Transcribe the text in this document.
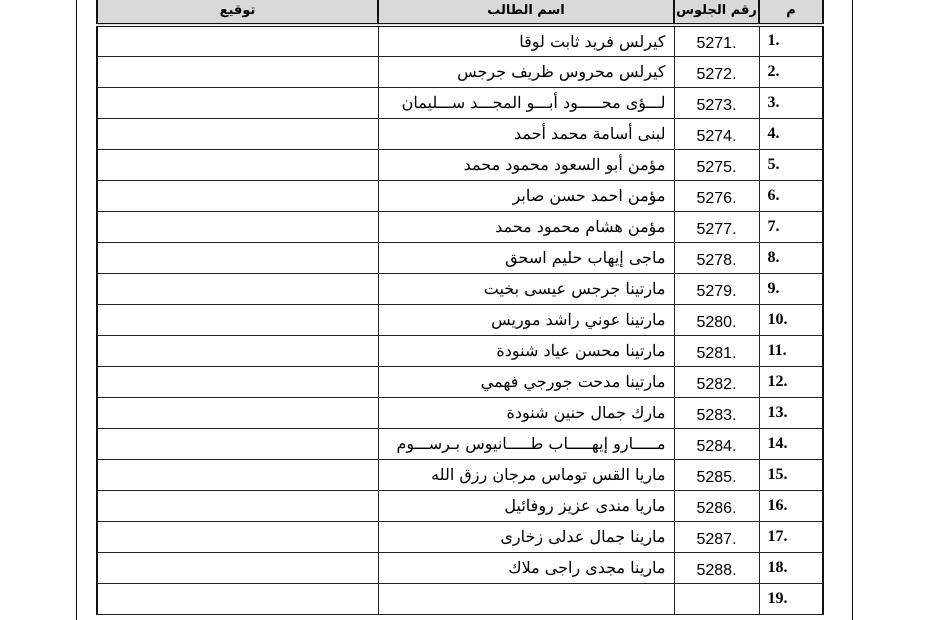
م	رقم الجلوس	اسم الطالب	توقيع
1.	5271.	كيرلس فريد ثابت لوقا	
2.	5272.	كيرلس محروس ظريف جرجس	
3.	5273.	لـــؤى محـــــود أبـــو المجـــد ســـليمان	
4.	5274.	لبنى أسامة محمد أحمد	
5.	5275.	مؤمن أبو السعود محمود محمد	
6.	5276.	مؤمن احمد حسن صابر	
7.	5277.	مؤمن هشام محمود محمد	
8.	5278.	ماجى إيهاب حليم اسحق	
9.	5279.	مارتينا جرجس عيسى بخيت	
10.	5280.	مارتينا عوني راشد موريس	
11.	5281.	مارتينا محسن عياد شنودة	
12.	5282.	مارتينا مدحت جورجي فهمي	
13.	5283.	مارك جمال حنين شنودة	
14.	5284.	مـــــارو إيهـــــاب طـــــانيوس بـرســـوم	
15.	5285.	ماريا القس توماس مرجان رزق الله	
16.	5286.	ماريا مندى عزيز روفائيل	
17.	5287.	مارينا جمال عدلى زخارى	
18.	5288.	مارينا مجدى راجى ملاك	
19.			
